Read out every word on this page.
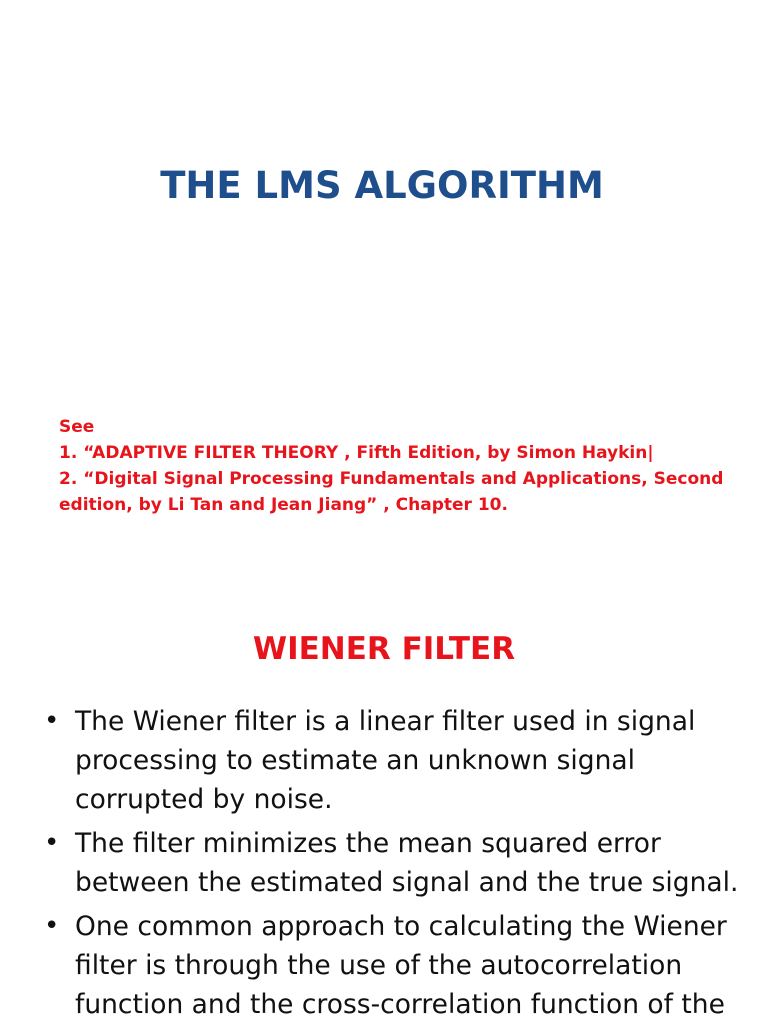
THE LMS ALGORITHM
See
1. “ADAPTIVE FILTER THEORY , Fifth Edition, by Simon Haykin|
2. “Digital Signal Processing Fundamentals and Applications, Second
edition, by Li Tan and Jean Jiang” , Chapter 10.
WIENER FILTER
• The Wiener filter is a linear filter used in signal
processing to estimate an unknown signal
corrupted by noise.
• The filter minimizes the mean squared error
between the estimated signal and the true signal.
• One common approach to calculating the Wiener
filter is through the use of the autocorrelation
function and the cross-correlation function of the
